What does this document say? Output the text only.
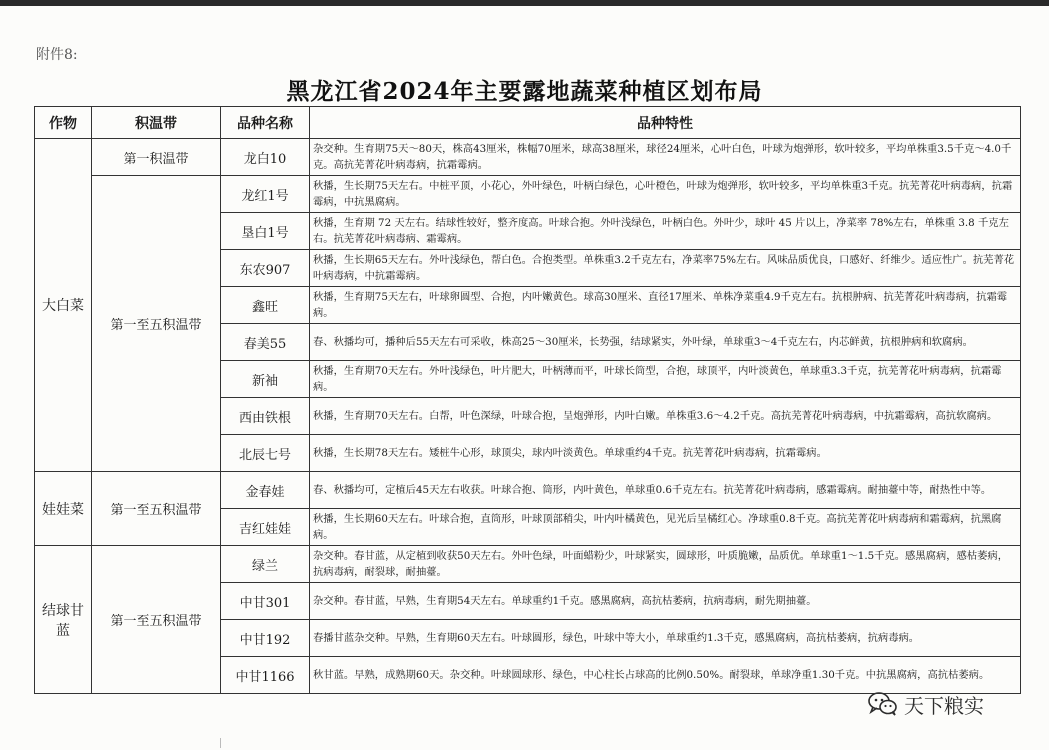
附件8:
黑龙江省2024年主要露地蔬菜种植区划布局
作物	积温带	品种名称	品种特性
大白菜	第一积温带	龙白10	杂交种。生育期75天～80天，株高43厘米，株幅70厘米，球高38厘米，球径24厘米，心叶白色，叶球为炮弹形，软叶较多，平均单株重3.5千克～4.0千克。高抗芜菁花叶病毒病，抗霜霉病。
	第一至五积温带	龙红1号	秋播，生长期75天左右。中桩平顶，小花心，外叶绿色，叶柄白绿色，心叶橙色，叶球为炮弹形，软叶较多，平均单株重3千克。抗芜菁花叶病毒病，抗霜霉病，中抗黑腐病。
		垦白1号	秋播，生育期 72 天左右。结球性较好，整齐度高。叶球合抱。外叶浅绿色，叶柄白色。外叶少，球叶 45 片以上，净菜率 78%左右，单株重 3.8 千克左右。抗芜菁花叶病毒病、霜霉病。
		东农907	秋播，生长期65天左右。外叶浅绿色，帮白色。合抱类型。单株重3.2千克左右，净菜率75%左右。风味品质优良，口感好、纤维少。适应性广。抗芜菁花叶病毒病，中抗霜霉病。
		鑫旺	秋播，生育期75天左右，叶球卵圆型、合抱，内叶嫩黄色。球高30厘米、直径17厘米、单株净菜重4.9千克左右。抗根肿病、抗芜菁花叶病毒病，抗霜霉病。
		春美55	春、秋播均可，播种后55天左右可采收，株高25～30厘米，长势强，结球紧实，外叶绿，单球重3～4千克左右，内芯鲜黄，抗根肿病和软腐病。
		新袖	秋播，生育期70天左右。外叶浅绿色，叶片肥大，叶柄薄而平，叶球长筒型，合抱，球顶平，内叶淡黄色，单球重3.3千克，抗芜菁花叶病毒病，抗霜霉病。
		西由铁根	秋播，生育期70天左右。白帮，叶色深绿，叶球合抱，呈炮弹形，内叶白嫩。单株重3.6～4.2千克。高抗芜菁花叶病毒病，中抗霜霉病，高抗软腐病。
		北辰七号	秋播，生长期78天左右。矮桩牛心形，球顶尖，球内叶淡黄色。单球重约4千克。抗芜菁花叶病毒病，抗霜霉病。
娃娃菜	第一至五积温带	金春娃	春、秋播均可，定植后45天左右收获。叶球合抱、筒形，内叶黄色，单球重0.6千克左右。抗芜菁花叶病毒病，感霜霉病。耐抽薹中等，耐热性中等。
		吉红娃娃	秋播，生长期60天左右。叶球合抱，直筒形，叶球顶部稍尖，叶内叶橘黄色，见光后呈橘红心。净球重0.8千克。高抗芜菁花叶病毒病和霜霉病，抗黑腐病。
结球甘蓝	第一至五积温带	绿兰	杂交种。春甘蓝，从定植到收获50天左右。外叶色绿，叶面蜡粉少，叶球紧实，圆球形，叶质脆嫩，品质优。单球重1～1.5千克。感黑腐病，感枯萎病，抗病毒病，耐裂球，耐抽薹。
		中甘301	杂交种。春甘蓝，早熟，生育期54天左右。单球重约1千克。感黑腐病，高抗枯萎病，抗病毒病，耐先期抽薹。
		中甘192	春播甘蓝杂交种。早熟，生育期60天左右。叶球圆形，绿色，叶球中等大小，单球重约1.3千克，感黑腐病，高抗枯萎病，抗病毒病。
		中甘1166	秋甘蓝。早熟，成熟期60天。杂交种。叶球圆球形、绿色，中心柱长占球高的比例0.50%。耐裂球，单球净重1.30千克。中抗黑腐病，高抗枯萎病。
天下粮实
